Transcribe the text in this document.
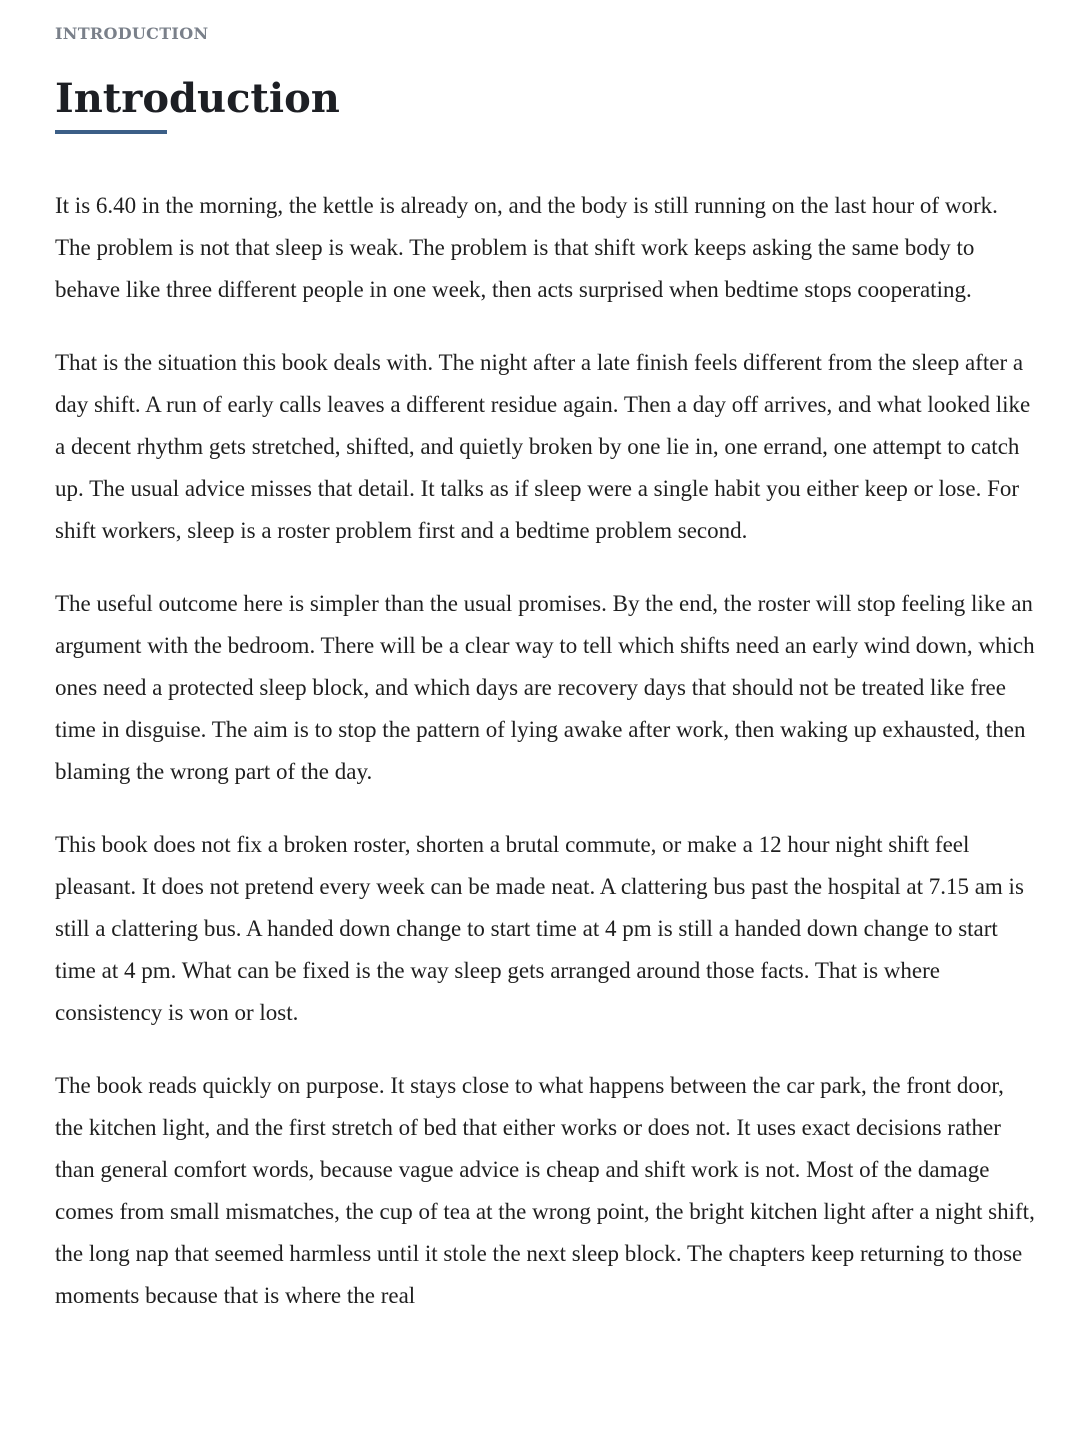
INTRODUCTION
Introduction

It is 6.40 in the morning, the kettle is already on, and the body is still running on the last hour of work. The problem is not that sleep is weak. The problem is that shift work keeps asking the same body to behave like three different people in one week, then acts surprised when bedtime stops cooperating.

That is the situation this book deals with. The night after a late finish feels different from the sleep after a day shift. A run of early calls leaves a different residue again. Then a day off arrives, and what looked like a decent rhythm gets stretched, shifted, and quietly broken by one lie in, one errand, one attempt to catch up. The usual advice misses that detail. It talks as if sleep were a single habit you either keep or lose. For shift workers, sleep is a roster problem first and a bedtime problem second.

The useful outcome here is simpler than the usual promises. By the end, the roster will stop feeling like an argument with the bedroom. There will be a clear way to tell which shifts need an early wind down, which ones need a protected sleep block, and which days are recovery days that should not be treated like free time in disguise. The aim is to stop the pattern of lying awake after work, then waking up exhausted, then blaming the wrong part of the day.

This book does not fix a broken roster, shorten a brutal commute, or make a 12 hour night shift feel pleasant. It does not pretend every week can be made neat. A clattering bus past the hospital at 7.15 am is still a clattering bus. A handed down change to start time at 4 pm is still a handed down change to start time at 4 pm. What can be fixed is the way sleep gets arranged around those facts. That is where consistency is won or lost.

The book reads quickly on purpose. It stays close to what happens between the car park, the front door, the kitchen light, and the first stretch of bed that either works or does not. It uses exact decisions rather than general comfort words, because vague advice is cheap and shift work is not. Most of the damage comes from small mismatches, the cup of tea at the wrong point, the bright kitchen light after a night shift, the long nap that seemed harmless until it stole the next sleep block. The chapters keep returning to those moments because that is where the real
